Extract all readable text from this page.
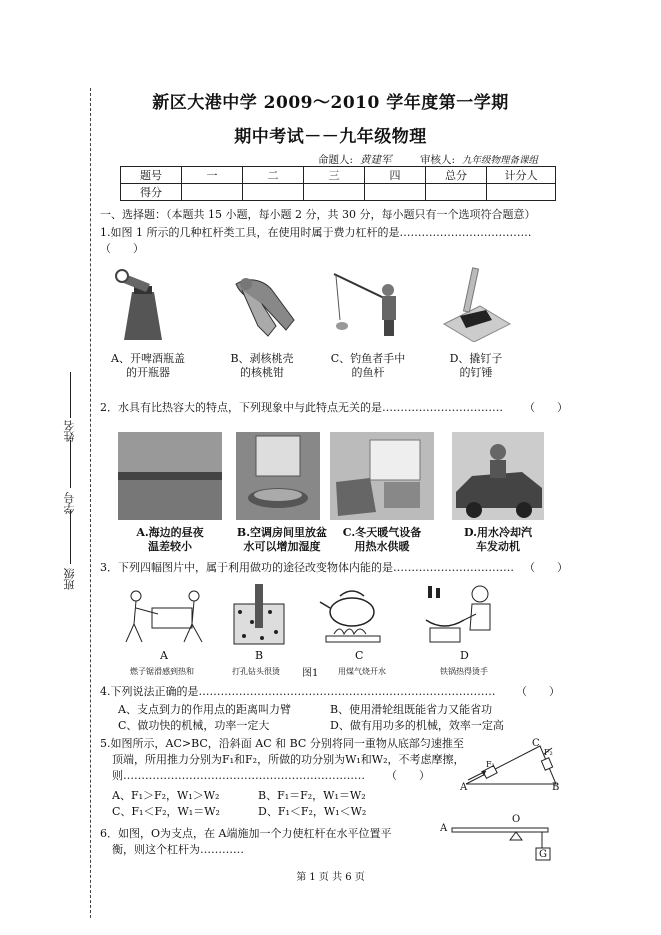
姓名
学号
班级
新区大港中学 2009～2010 学年度第一学期
期中考试－－九年级物理
命题人: 黄建军	审核人: 九年级物理备课组
题号	一	二	三	四	总分	计分人
得分						
一、选择题：（本题共 15 小题，每小题 2 分，共 30 分，每小题只有一个选项符合题意）
1.如图 1 所示的几种杠杆类工具，在使用时属于费力杠杆的是………………………………
（　　）
A、开啤酒瓶盖
的开瓶器
B、剥核桃壳
的核桃钳
C、钓鱼者手中
的鱼杆
D、撬钉子
的钉锤
2．水具有比热容大的特点，下列现象中与此特点无关的是…………………………… （　　）
A.海边的昼夜
温差较小
B.空调房间里放盆
水可以增加湿度
C.冬天暖气设备
用热水供暖
D.用水冷却汽
车发动机
3．下列四幅图片中，属于利用做功的途径改变物体内能的是…………………………… （　　）
A	B	C	D
燃子锯滑感到热和	打孔钻头很烫 图1 用煤气烧开水	铁锅热得烫手
4.下列说法正确的是……………………………………………………………………… （　　）
A、支点到力的作用点的距离叫力臂	B、使用滑轮组既能省力又能省功
C、做功快的机械，功率一定大	D、做有用功多的机械，效率一定高
5.如图所示，AC>BC，沿斜面 AC 和 BC 分别将同一重物从底部匀速推至
顶端，所用推力分别为F₁和F₂，所做的功分别为W₁和W₂，不考虑摩擦，
则………………………………………………………… （　　）
A、F₁＞F₂，W₁＞W₂	B、F₁＝F₂，W₁＝W₂
C、F₁＜F₂，W₁＝W₂	D、F₁＜F₂，W₁＜W₂
A	B
C
F₁
F₂
6．如图，O为支点，在 A端施加一个力使杠杆在水平位置平
衡，则这个杠杆为…………
A
O
G
第 1 页 共 6 页
